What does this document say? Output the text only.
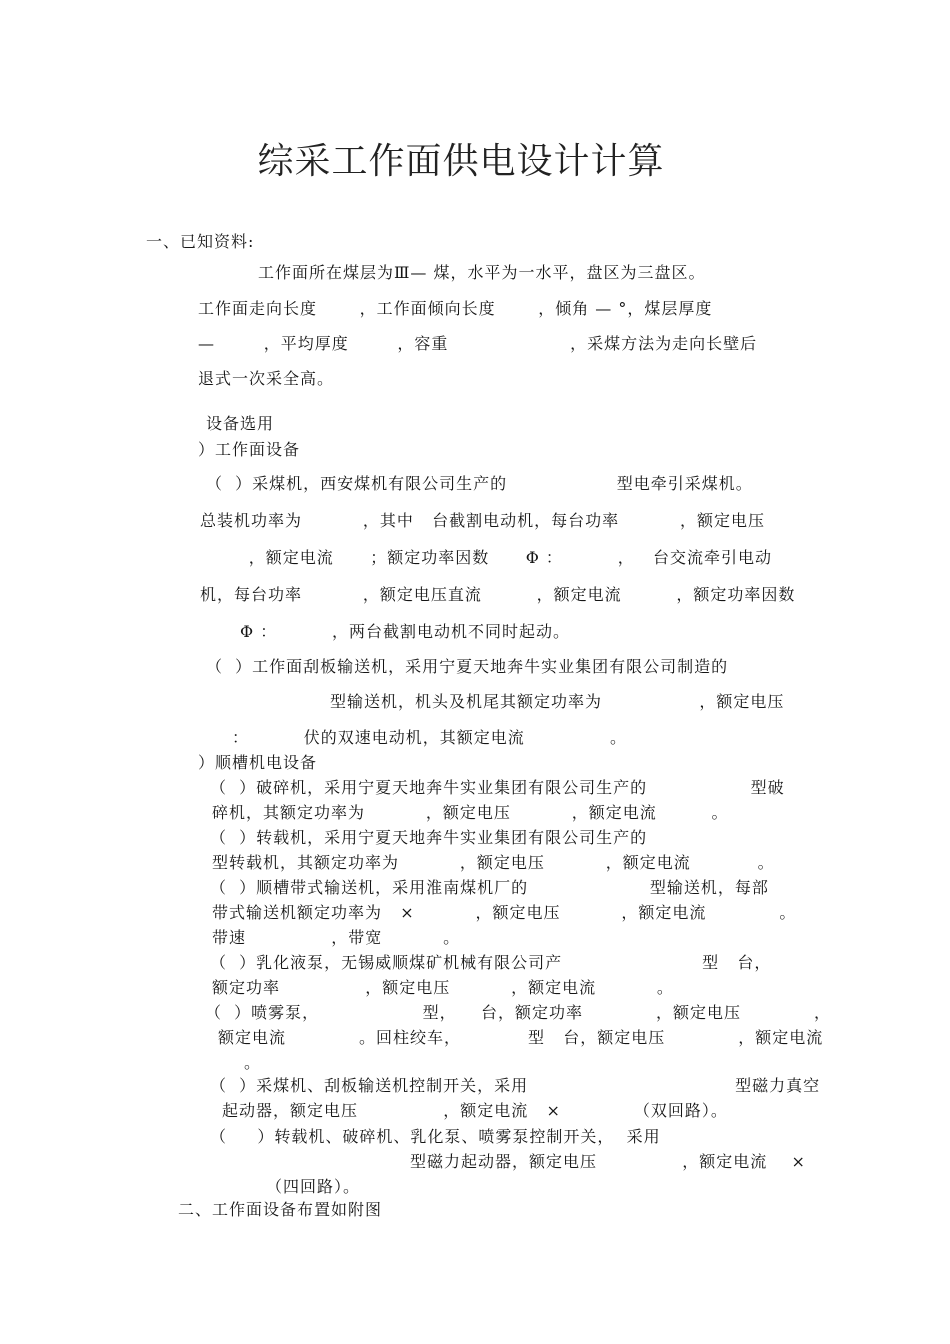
综采工作面供电设计计算
一、已知资料:
工作面所在煤层为Ⅲ— 煤，水平为一水平，盘区为三盘区。
工作面走向长度       ，工作面倾向长度       ，倾角 — °，煤层厚度
—        ，平均厚度        ，容重                    ，采煤方法为走向长壁后
退式一次采全高。
设备选用
）工作面设备
（  ）采煤机，西安煤机有限公司生产的                  型电牵引采煤机。
总装机功率为          ，其中   台截割电动机，每台功率          ，额定电压
，额定电流      ；额定功率因数      Φ ：         ，   台交流牵引电动
机，每台功率          ，额定电压直流         ，额定电流         ，额定功率因数
Φ ：         ，两台截割电动机不同时起动。
（  ）工作面刮板输送机，采用宁夏天地奔牛实业集团有限公司制造的
型输送机，机头及机尾其额定功率为                ，额定电压
：         伏的双速电动机，其额定电流              。
）顺槽机电设备
（  ）破碎机，采用宁夏天地奔牛实业集团有限公司生产的                 型破
碎机，其额定功率为          ，额定电压          ，额定电流         。
（  ）转载机，采用宁夏天地奔牛实业集团有限公司生产的
型转载机，其额定功率为          ，额定电压          ，额定电流           。
（  ）顺槽带式输送机，采用淮南煤机厂的                    型输送机，每部
带式输送机额定功率为   ×          ，额定电压          ，额定电流            。
带速              ，带宽          。
（  ）乳化液泵，无锡威顺煤矿机械有限公司产                       型   台，
额定功率              ，额定电压          ，额定电流          。
（  ）喷雾泵，                 型，    台，额定功率            ，额定电压            ，
额定电流            。回柱绞车，           型   台，额定电压            ，额定电流
。
（  ）采煤机、刮板输送机控制开关，采用                                  型磁力真空
起动器，额定电压              ，额定电流   ×            （双回路）。
（     ）转载机、破碎机、乳化泵、喷雾泵控制开关，  采用
型磁力起动器，额定电压              ，额定电流    ×
（四回路）。
二、工作面设备布置如附图
